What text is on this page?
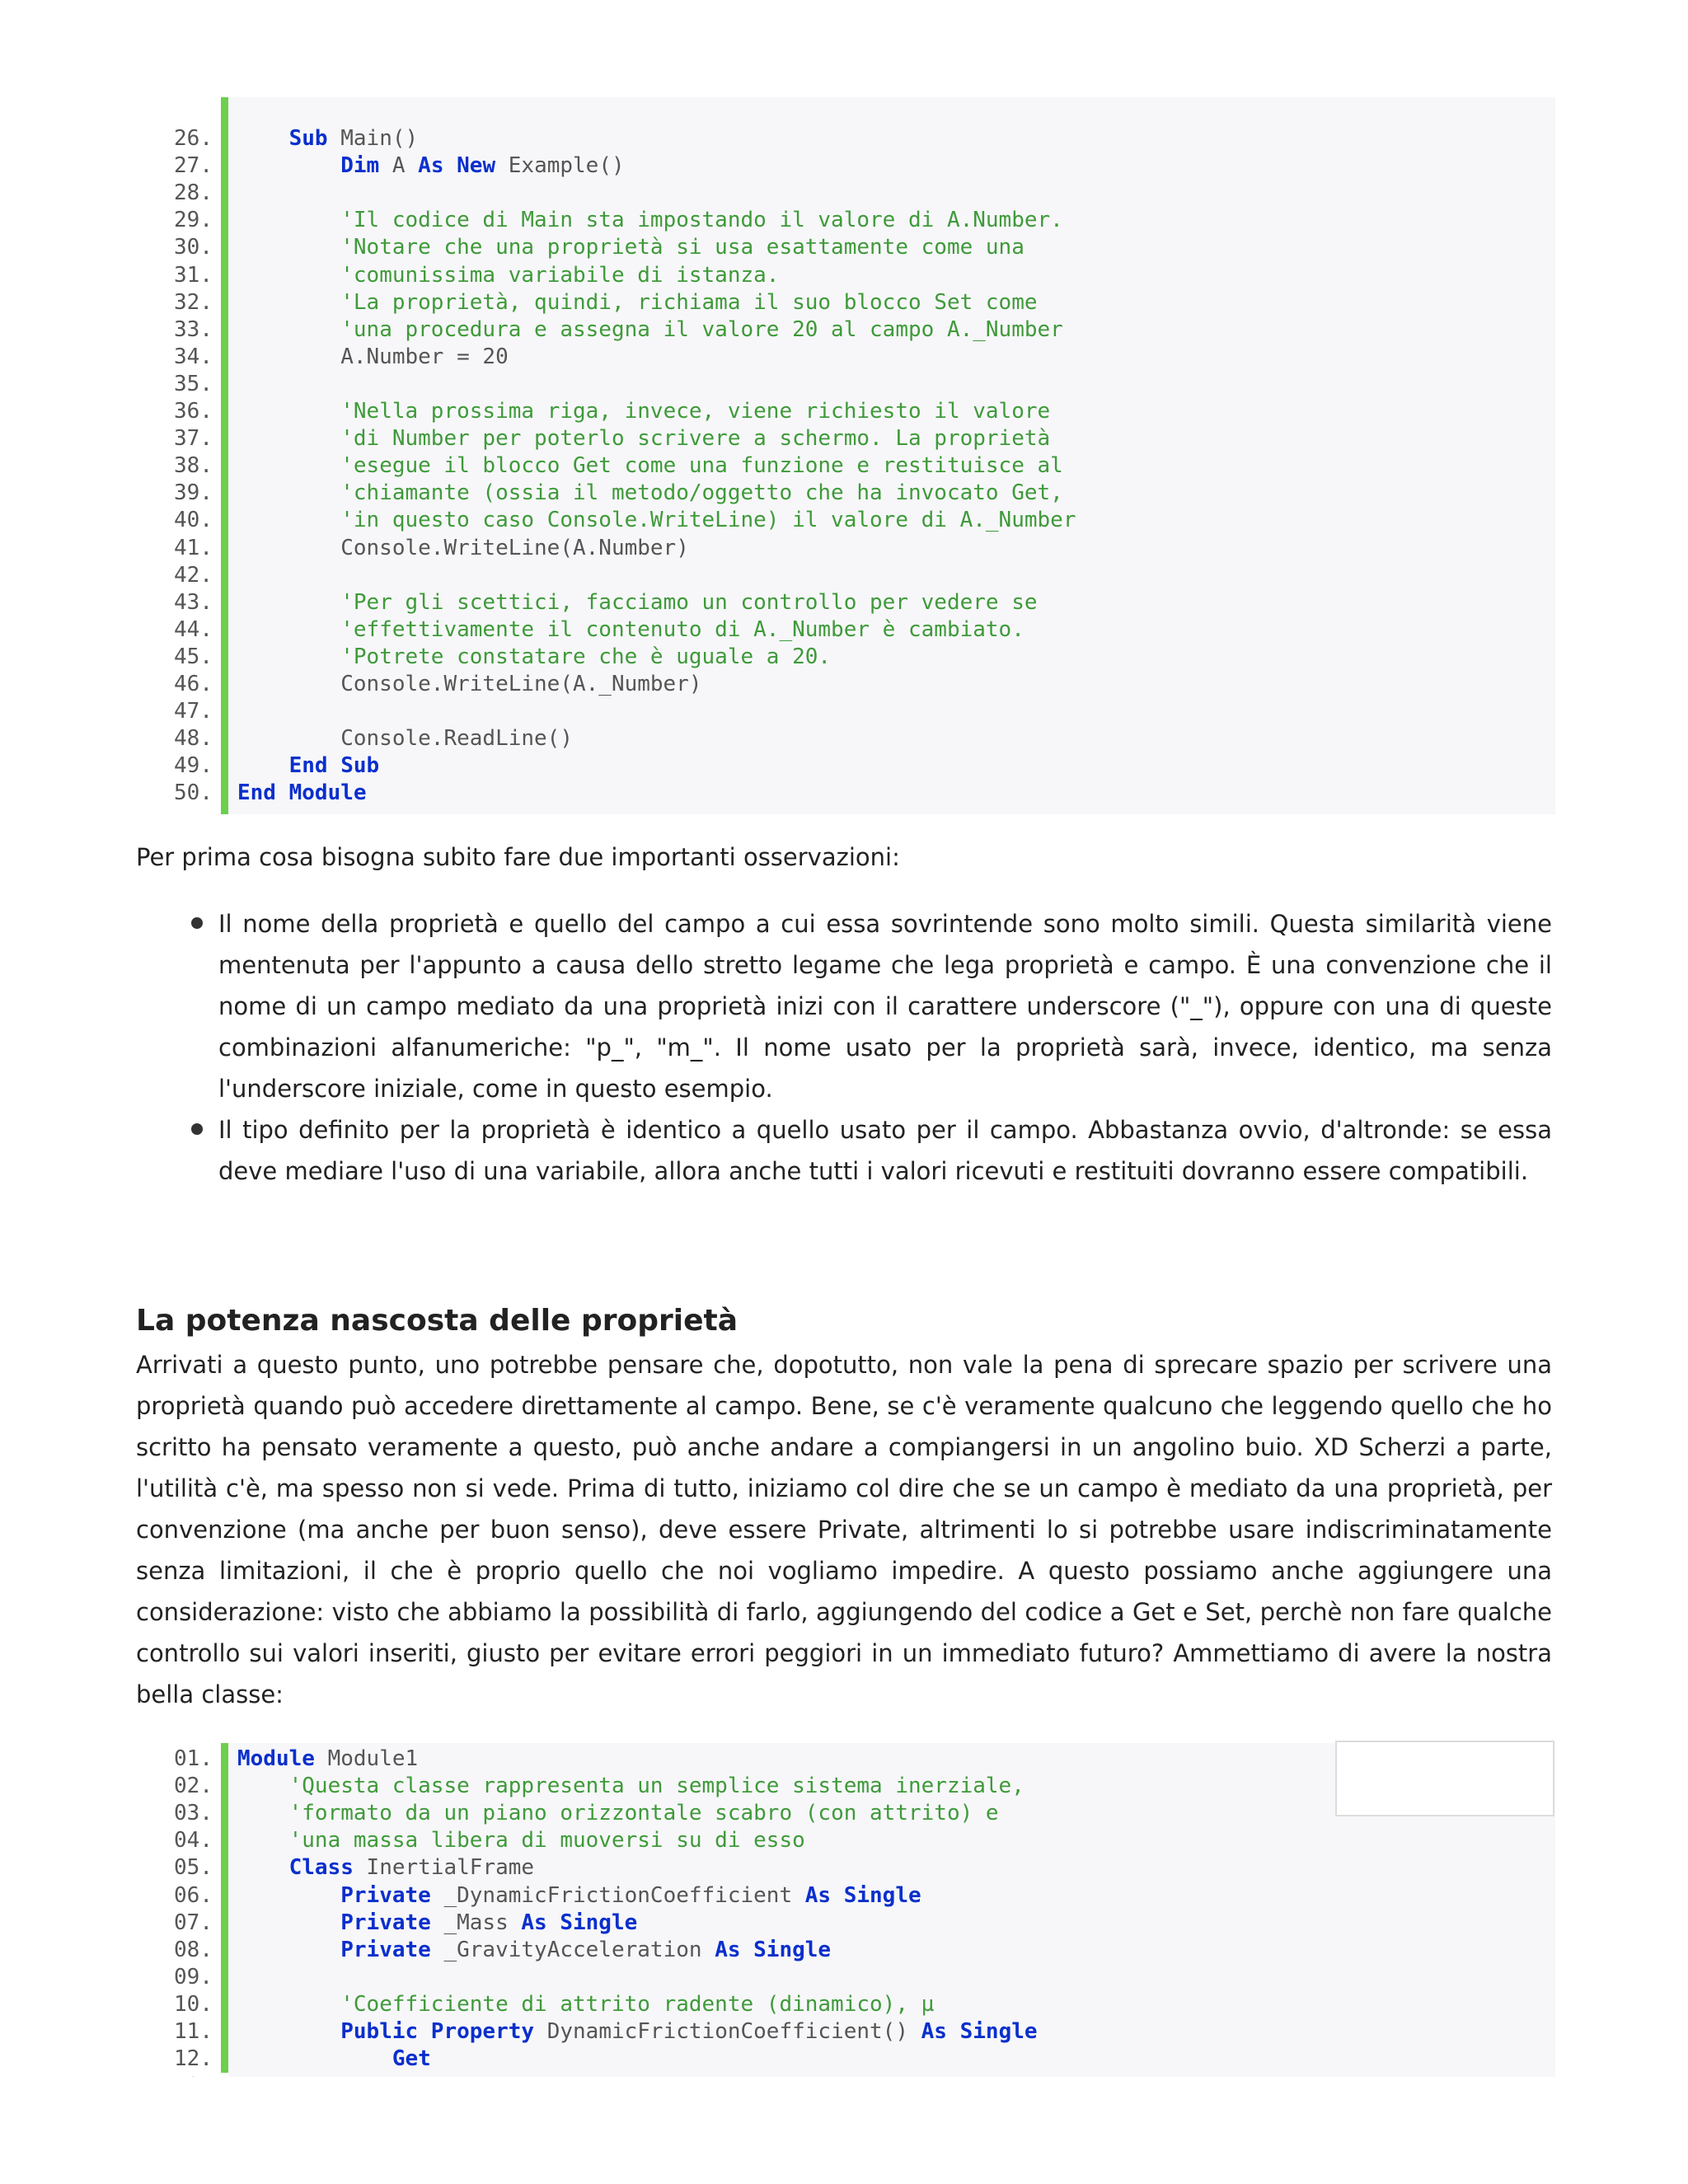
26.	Sub Main()
27.	Dim A As New Example()
28.
29.	'Il codice di Main sta impostando il valore di A.Number.
30.	'Notare che una proprietà si usa esattamente come una
31.	'comunissima variabile di istanza.
32.	'La proprietà, quindi, richiama il suo blocco Set come
33.	'una procedura e assegna il valore 20 al campo A._Number
34. A.Number = 20
35.
36.	'Nella prossima riga, invece, viene richiesto il valore
37.	'di Number per poterlo scrivere a schermo. La proprietà
38.	'esegue il blocco Get come una funzione e restituisce al
39.	'chiamante (ossia il metodo/oggetto che ha invocato Get,
40.	'in questo caso Console.WriteLine) il valore di A._Number
41. Console.WriteLine(A.Number)
42.
43.	'Per gli scettici, facciamo un controllo per vedere se
44.	'effettivamente il contenuto di A._Number è cambiato.
45.	'Potrete constatare che è uguale a 20.
46. Console.WriteLine(A._Number)
47.
48. Console.ReadLine()
49.	End Sub
50. End Module

Per prima cosa bisogna subito fare due importanti osservazioni:

Il nome della proprietà e quello del campo a cui essa sovrintende sono molto simili. Questa similarità viene mentenuta per l'appunto a causa dello stretto legame che lega proprietà e campo. È una convenzione che il nome di un campo mediato da una proprietà inizi con il carattere underscore ("_"), oppure con una di queste combinazioni alfanumeriche: "p_", "m_". Il nome usato per la proprietà sarà, invece, identico, ma senza l'underscore iniziale, come in questo esempio.
Il tipo definito per la proprietà è identico a quello usato per il campo. Abbastanza ovvio, d'altronde: se essa deve mediare l'uso di una variabile, allora anche tutti i valori ricevuti e restituiti dovranno essere compatibili.
La potenza nascosta delle proprietà

Arrivati a questo punto, uno potrebbe pensare che, dopotutto, non vale la pena di sprecare spazio per scrivere una proprietà quando può accedere direttamente al campo. Bene, se c'è veramente qualcuno che leggendo quello che ho scritto ha pensato veramente a questo, può anche andare a compiangersi in un angolino buio. XD Scherzi a parte, l'utilità c'è, ma spesso non si vede. Prima di tutto, iniziamo col dire che se un campo è mediato da una proprietà, per convenzione (ma anche per buon senso), deve essere Private, altrimenti lo si potrebbe usare indiscriminatamente senza limitazioni, il che è proprio quello che noi vogliamo impedire. A questo possiamo anche aggiungere una considerazione: visto che abbiamo la possibilità di farlo, aggiungendo del codice a Get e Set, perchè non fare qualche controllo sui valori inseriti, giusto per evitare errori peggiori in un immediato futuro? Ammettiamo di avere la nostra bella classe:

01. Module Module1
02.	'Questa classe rappresenta un semplice sistema inerziale,
03.	'formato da un piano orizzontale scabro (con attrito) e
04.	'una massa libera di muoversi su di esso
05.	Class InertialFrame
06.	Private _DynamicFrictionCoefficient As Single
07.	Private _Mass As Single
08.	Private _GravityAcceleration As Single
09.
10.	'Coefficiente di attrito radente (dinamico), µ
11.	Public Property DynamicFrictionCoefficient() As Single
12.	Get
